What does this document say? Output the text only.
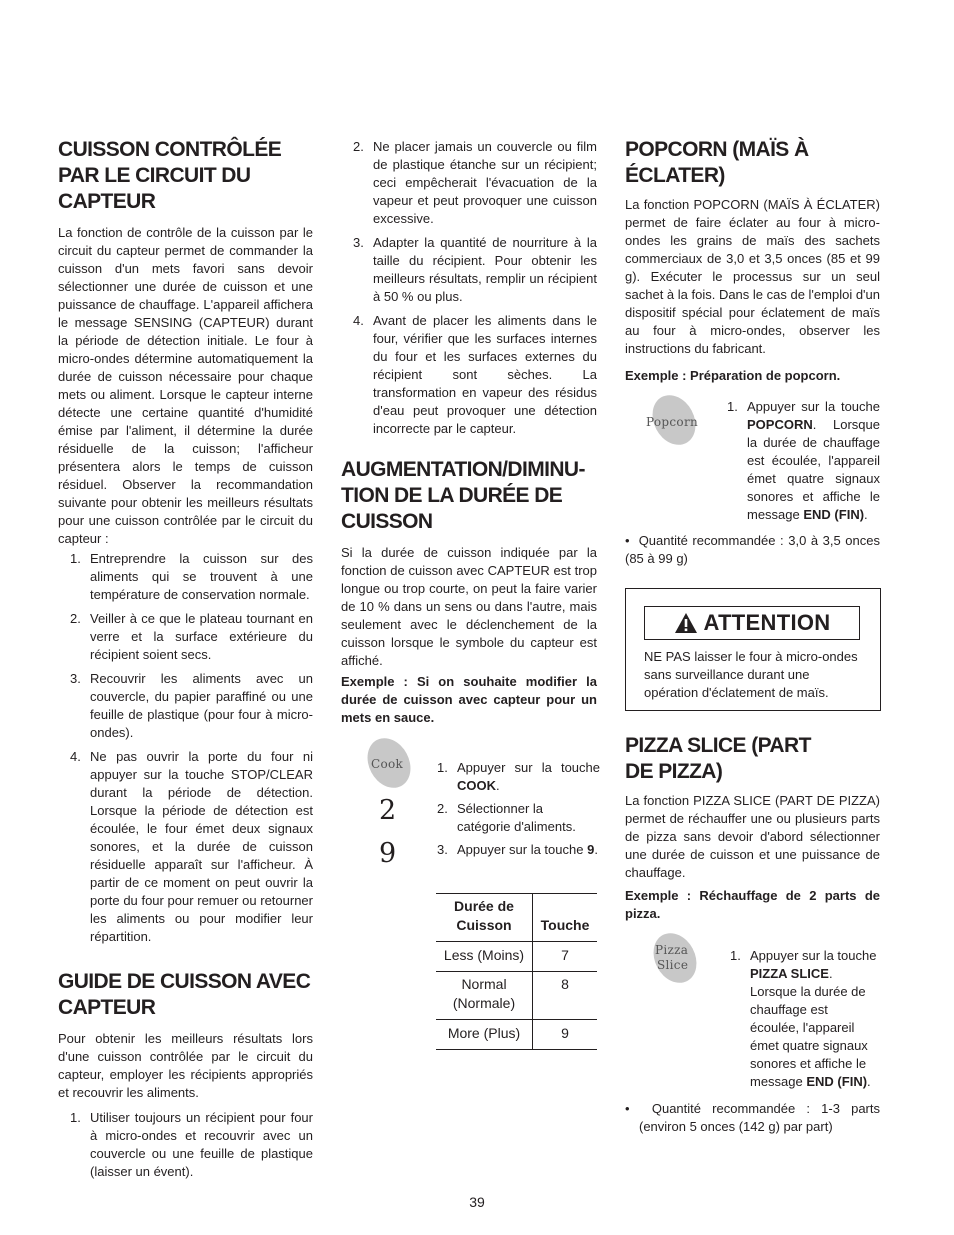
CUISSON CONTRÔLÉE
PAR LE CIRCUIT DU
CAPTEUR

La fonction de contrôle de la cuisson par le circuit du capteur permet de commander la cuisson d'un mets favori sans devoir sélectionner une durée de cuisson et une puissance de chauffage. L'appareil affichera le message SENSING (CAPTEUR) durant la période de détection initiale. Le four à micro-ondes détermine automatiquement la durée de cuisson nécessaire pour chaque mets ou aliment. Lorsque le capteur interne détecte une certaine quantité d'humidité émise par l'aliment, il détermine la durée résiduelle de la cuisson; l'afficheur présentera alors le temps de cuisson résiduel. Observer la recommandation suivante pour obtenir les meilleurs résultats pour une cuisson contrôlée par le circuit du capteur :

1. Entreprendre la cuisson sur des aliments qui se trouvent à une température de conservation normale.
2. Veiller à ce que le plateau tournant en verre et la surface extérieure du récipient soient secs.
3. Recouvrir les aliments avec un couvercle, du papier paraffiné ou une feuille de plastique (pour four à micro-ondes).
4. Ne pas ouvrir la porte du four ni appuyer sur la touche STOP/CLEAR durant la période de détection. Lorsque la période de détection est écoulée, le four émet deux signaux sonores, et la durée de cuisson résiduelle apparaît sur l'afficheur. À partir de ce moment on peut ouvrir la porte du four pour remuer ou retourner les aliments ou pour modifier leur répartition.
GUIDE DE CUISSON AVEC
CAPTEUR

Pour obtenir les meilleurs résultats lors d'une cuisson contrôlée par le circuit du capteur, employer les récipients appropriés et recouvrir les aliments.

1. Utiliser toujours un récipient pour four à micro-ondes et recouvrir avec un couvercle ou une feuille de plastique (laisser un évent).
2. Ne placer jamais un couvercle ou film de plastique étanche sur un récipient; ceci empêcherait l'évacuation de la vapeur et peut provoquer une cuisson excessive.
3. Adapter la quantité de nourriture à la taille du récipient. Pour obtenir les meilleurs résultats, remplir un récipient à 50 % ou plus.
4. Avant de placer les aliments dans le four, vérifier que les surfaces internes du four et les surfaces externes du récipient sont sèches. La transformation en vapeur des résidus d'eau peut provoquer une détection incorrecte par le capteur.
AUGMENTATION/DIMINU-
TION DE LA DURÉE DE
CUISSON

Si la durée de cuisson indiquée par la fonction de cuisson avec CAPTEUR est trop longue ou trop courte, on peut la faire varier de 10 % dans un sens ou dans l'autre, mais seulement avec le déclenchement de la cuisson lorsque le symbole du capteur est affiché.

Exemple : Si on souhaite modifier la durée de cuisson avec capteur pour un mets en sauce.

Cook
2
9
1. Appuyer sur la touche COOK.
2. Sélectionner la catégorie d'aliments.
3. Appuyer sur la touche 9.
Durée de
Cuisson	Touche
Less (Moins)	7
Normal
(Normale)	8
More (Plus)	9
POPCORN (MAÏS À
ÉCLATER)

La fonction POPCORN (MAÏS À ÉCLATER) permet de faire éclater au four à micro-ondes les grains de maïs des sachets commerciaux de 3,0 et 3,5 onces (85 et 99 g). Exécuter le processus sur un seul sachet à la fois. Dans le cas de l'emploi d'un dispositif spécial pour éclatement de maïs au four à micro-ondes, observer les instructions du fabricant.

Exemple : Préparation de popcorn.

Popcorn
1. Appuyer sur la touche POPCORN. Lorsque la durée de chauffage est écoulée, l'appareil émet quatre signaux sonores et affiche le message END (FIN).
•  Quantité recommandée : 3,0 à 3,5 onces (85 à 99 g)
ATTENTION

NE PAS laisser le four à micro-ondes sans surveillance durant une opération d'éclatement de maïs.

PIZZA SLICE (PART
DE PIZZA)

La fonction PIZZA SLICE (PART DE PIZZA) permet de réchauffer une ou plusieurs parts de pizza sans devoir d'abord sélectionner une durée de cuisson et une puissance de chauffage.

Exemple : Réchauffage de 2 parts de pizza.

Pizza
Slice
1. Appuyer sur la touche PIZZA SLICE. Lorsque la durée de chauffage est écoulée, l'appareil émet quatre signaux sonores et affiche le message END (FIN).
•  Quantité recommandée : 1-3 parts (environ 5 onces (142 g) par part)
39
